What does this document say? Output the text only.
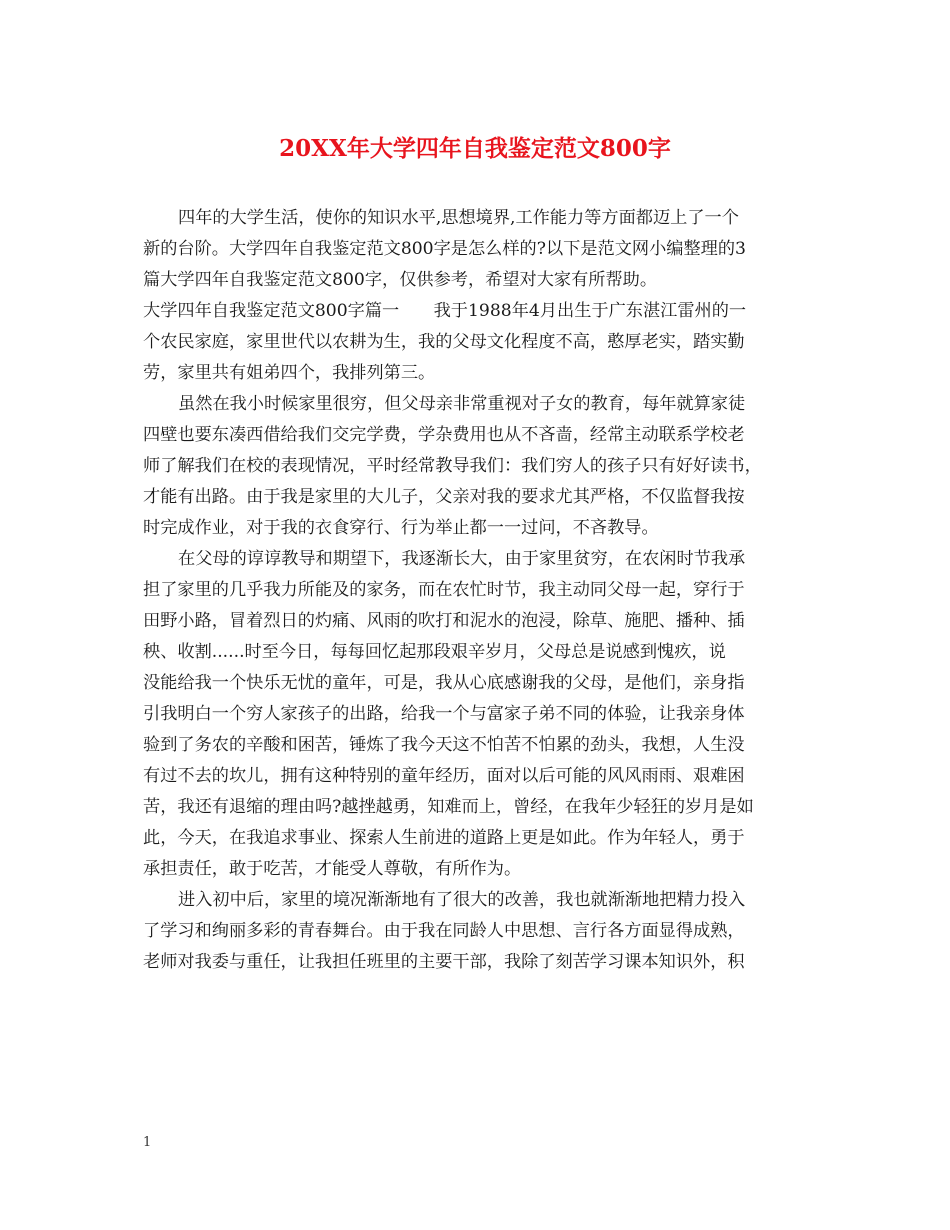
20XX年大学四年自我鉴定范文800字
四年的大学生活，使你的知识水平,思想境界,工作能力等方面都迈上了一个
新的台阶。大学四年自我鉴定范文800字是怎么样的?以下是范文网小编整理的3
篇大学四年自我鉴定范文800字，仅供参考，希望对大家有所帮助。
大学四年自我鉴定范文800字篇一　　我于1988年4月出生于广东湛江雷州的一
个农民家庭，家里世代以农耕为生，我的父母文化程度不高，憨厚老实，踏实勤
劳，家里共有姐弟四个，我排列第三。
虽然在我小时候家里很穷，但父母亲非常重视对子女的教育，每年就算家徒
四壁也要东凑西借给我们交完学费，学杂费用也从不吝啬，经常主动联系学校老
师了解我们在校的表现情况，平时经常教导我们：我们穷人的孩子只有好好读书，
才能有出路。由于我是家里的大儿子，父亲对我的要求尤其严格，不仅监督我按
时完成作业，对于我的衣食穿行、行为举止都一一过问，不吝教导。
在父母的谆谆教导和期望下，我逐渐长大，由于家里贫穷，在农闲时节我承
担了家里的几乎我力所能及的家务，而在农忙时节，我主动同父母一起，穿行于
田野小路，冒着烈日的灼痛、风雨的吹打和泥水的泡浸，除草、施肥、播种、插
秧、收割......时至今日，每每回忆起那段艰辛岁月，父母总是说感到愧疚，说
没能给我一个快乐无忧的童年，可是，我从心底感谢我的父母，是他们，亲身指
引我明白一个穷人家孩子的出路，给我一个与富家子弟不同的体验，让我亲身体
验到了务农的辛酸和困苦，锤炼了我今天这不怕苦不怕累的劲头，我想，人生没
有过不去的坎儿，拥有这种特别的童年经历，面对以后可能的风风雨雨、艰难困
苦，我还有退缩的理由吗?越挫越勇，知难而上，曾经，在我年少轻狂的岁月是如
此，今天，在我追求事业、探索人生前进的道路上更是如此。作为年轻人，勇于
承担责任，敢于吃苦，才能受人尊敬，有所作为。
进入初中后，家里的境况渐渐地有了很大的改善，我也就渐渐地把精力投入
了学习和绚丽多彩的青春舞台。由于我在同龄人中思想、言行各方面显得成熟，
老师对我委与重任，让我担任班里的主要干部，我除了刻苦学习课本知识外，积
1
